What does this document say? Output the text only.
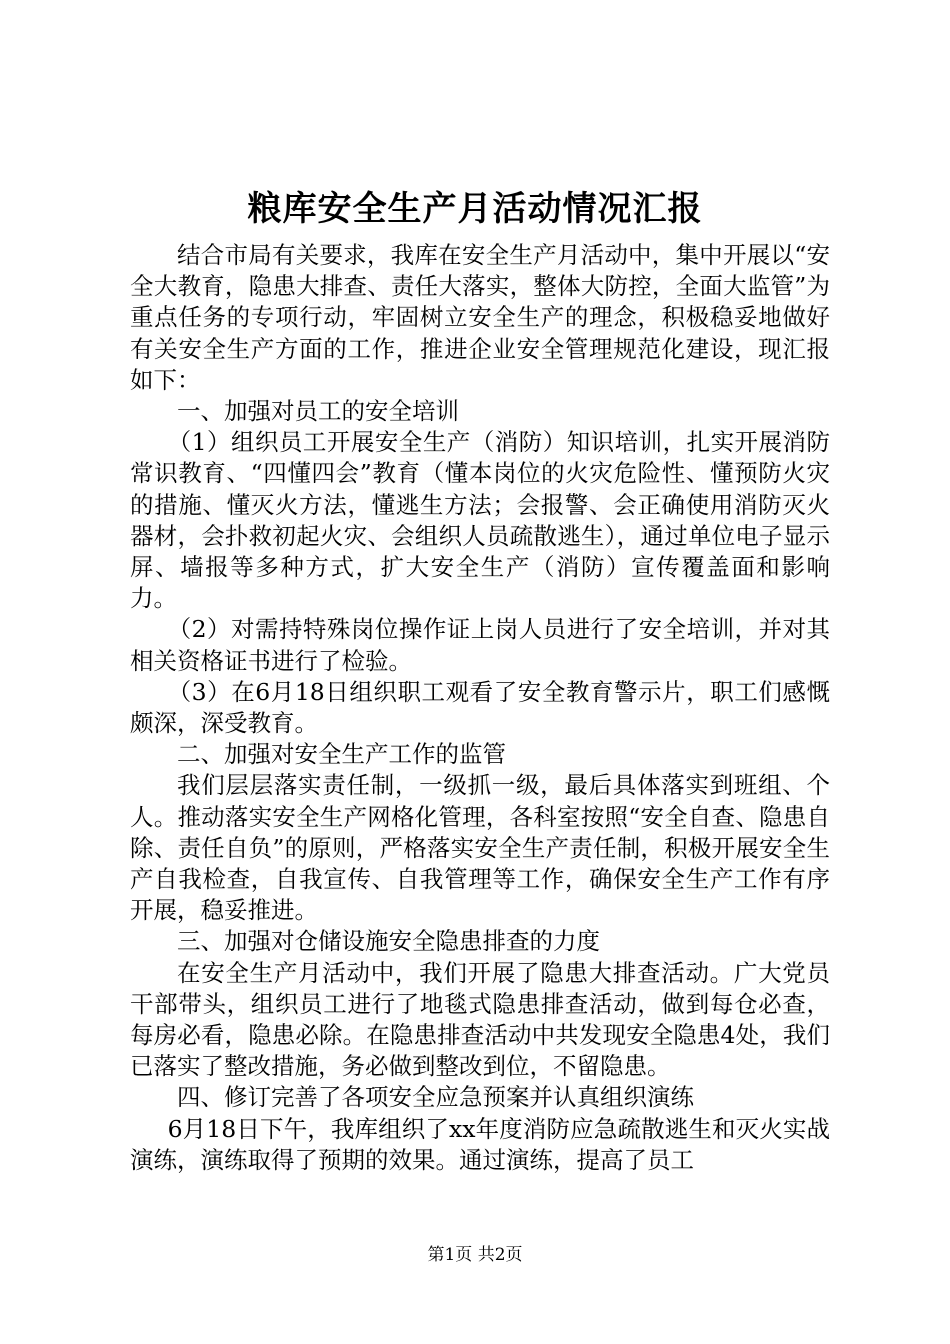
粮库安全生产月活动情况汇报

结合市局有关要求，我库在安全生产月活动中，集中开展以“安全大教育，隐患大排查、责任大落实，整体大防控，全面大监管”为重点任务的专项行动，牢固树立安全生产的理念，积极稳妥地做好有关安全生产方面的工作，推进企业安全管理规范化建设，现汇报如下：

一、加强对员工的安全培训

（1）组织员工开展安全生产（消防）知识培训，扎实开展消防常识教育、“四懂四会”教育（懂本岗位的火灾危险性、懂预防火灾的措施、懂灭火方法，懂逃生方法；会报警、会正确使用消防灭火器材，会扑救初起火灾、会组织人员疏散逃生），通过单位电子显示屏、墙报等多种方式，扩大安全生产（消防）宣传覆盖面和影响力。

（2）对需持特殊岗位操作证上岗人员进行了安全培训，并对其相关资格证书进行了检验。

（3）在6月18日组织职工观看了安全教育警示片，职工们感慨颇深，深受教育。

二、加强对安全生产工作的监管

我们层层落实责任制，一级抓一级，最后具体落实到班组、个人。推动落实安全生产网格化管理，各科室按照“安全自查、隐患自除、责任自负”的原则，严格落实安全生产责任制，积极开展安全生产自我检查，自我宣传、自我管理等工作，确保安全生产工作有序开展，稳妥推进。

三、加强对仓储设施安全隐患排查的力度

在安全生产月活动中，我们开展了隐患大排查活动。广大党员干部带头，组织员工进行了地毯式隐患排查活动，做到每仓必查，每房必看，隐患必除。在隐患排查活动中共发现安全隐患4处，我们已落实了整改措施，务必做到整改到位，不留隐患。

四、修订完善了各项安全应急预案并认真组织演练

6月18日下午，我库组织了xx年度消防应急疏散逃生和灭火实战演练，演练取得了预期的效果。通过演练，提高了员工

第1页 共2页
